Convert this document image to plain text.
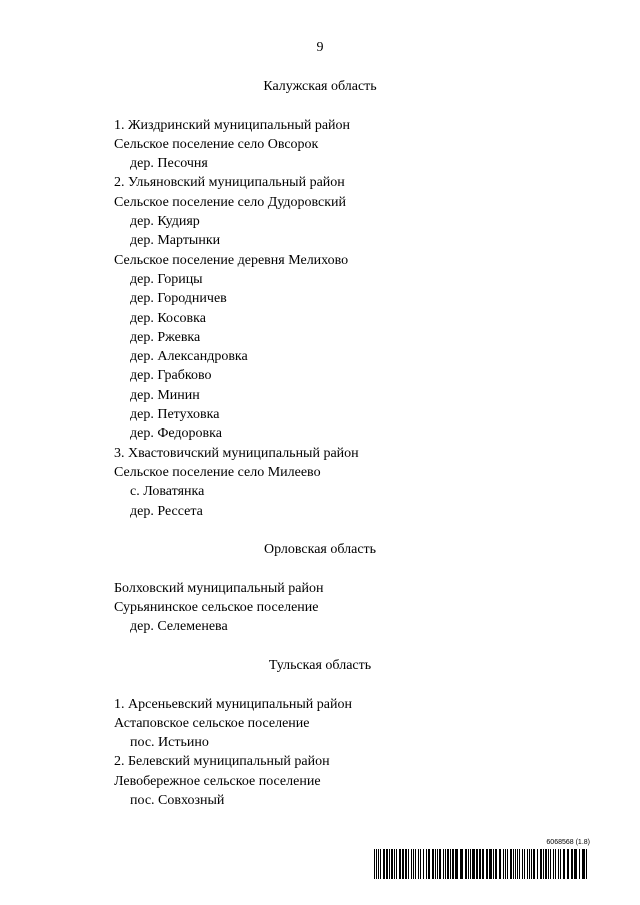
9
Калужская область
1. Жиздринский муниципальный район
Сельское поселение село Овсорок
дер. Песочня
2. Ульяновский муниципальный район
Сельское поселение село Дудоровский
дер. Кудияр
дер. Мартынки
Сельское поселение деревня Мелихово
дер. Горицы
дер. Городничев
дер. Косовка
дер. Ржевка
дер. Александровка
дер. Грабково
дер. Минин
дер. Петуховка
дер. Федоровка
3. Хвастовичский муниципальный район
Сельское поселение село Милеево
с. Ловатянка
дер. Рессета
Орловская область
Болховский муниципальный район
Сурьянинское сельское поселение
дер. Селеменева
Тульская область
1. Арсеньевский муниципальный район
Астаповское сельское поселение
пос. Истьино
2. Белевский муниципальный район
Левобережное сельское поселение
пос. Совхозный
6068568 (1.8)
